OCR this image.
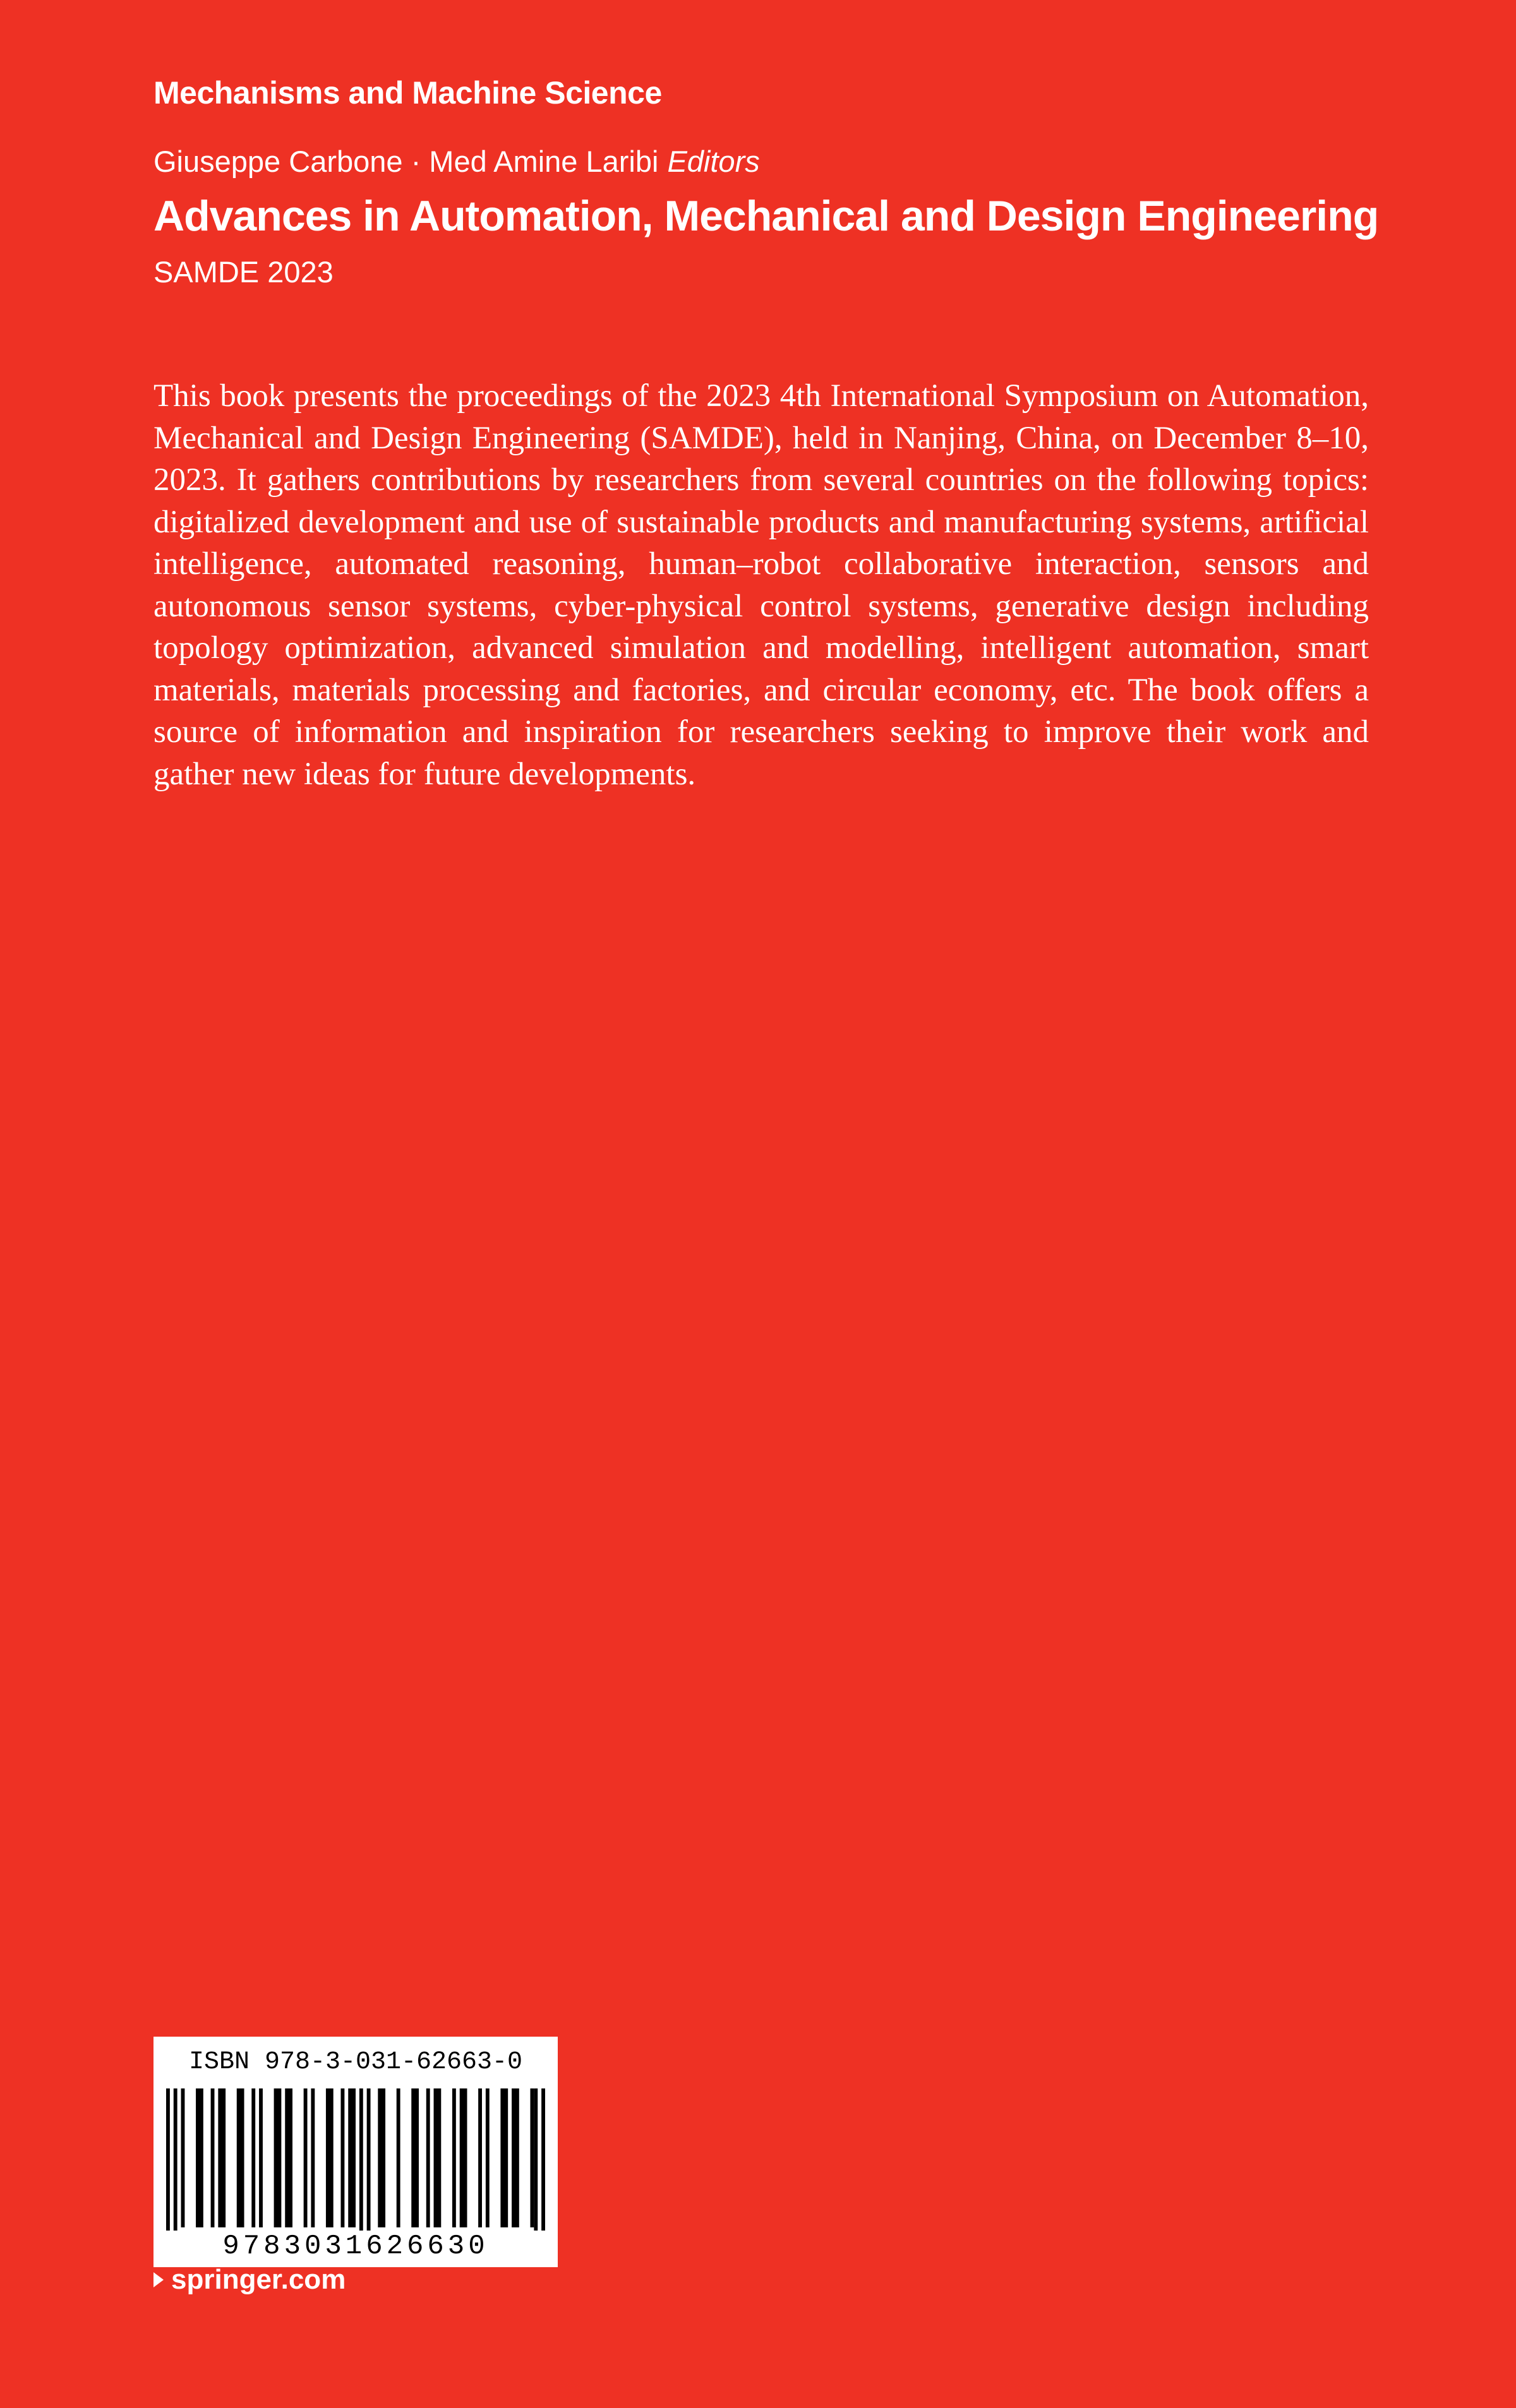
Mechanisms and Machine Science
Giuseppe Carbone · Med Amine Laribi Editors
Advances in Automation, Mechanical and Design Engineering
SAMDE 2023

This book presents the proceedings of the 2023 4th International Symposium on Automation, Mechanical and Design Engineering (SAMDE), held in Nanjing, China, on December 8–10, 2023. It gathers contributions by researchers from several countries on the following topics: digitalized development and use of sustainable products and manufacturing systems, artificial intelligence, automated reasoning, human–robot collaborative interaction, sensors and autonomous sensor systems, cyber-physical control systems, generative design including topology optimization, advanced simulation and modelling, intelligent automation, smart materials, materials processing and factories, and circular economy, etc. The book offers a source of information and inspiration for researchers seeking to improve their work and gather new ideas for future developments.

ISBN 978-3-031-62663-0
9783031626630
springer.com
